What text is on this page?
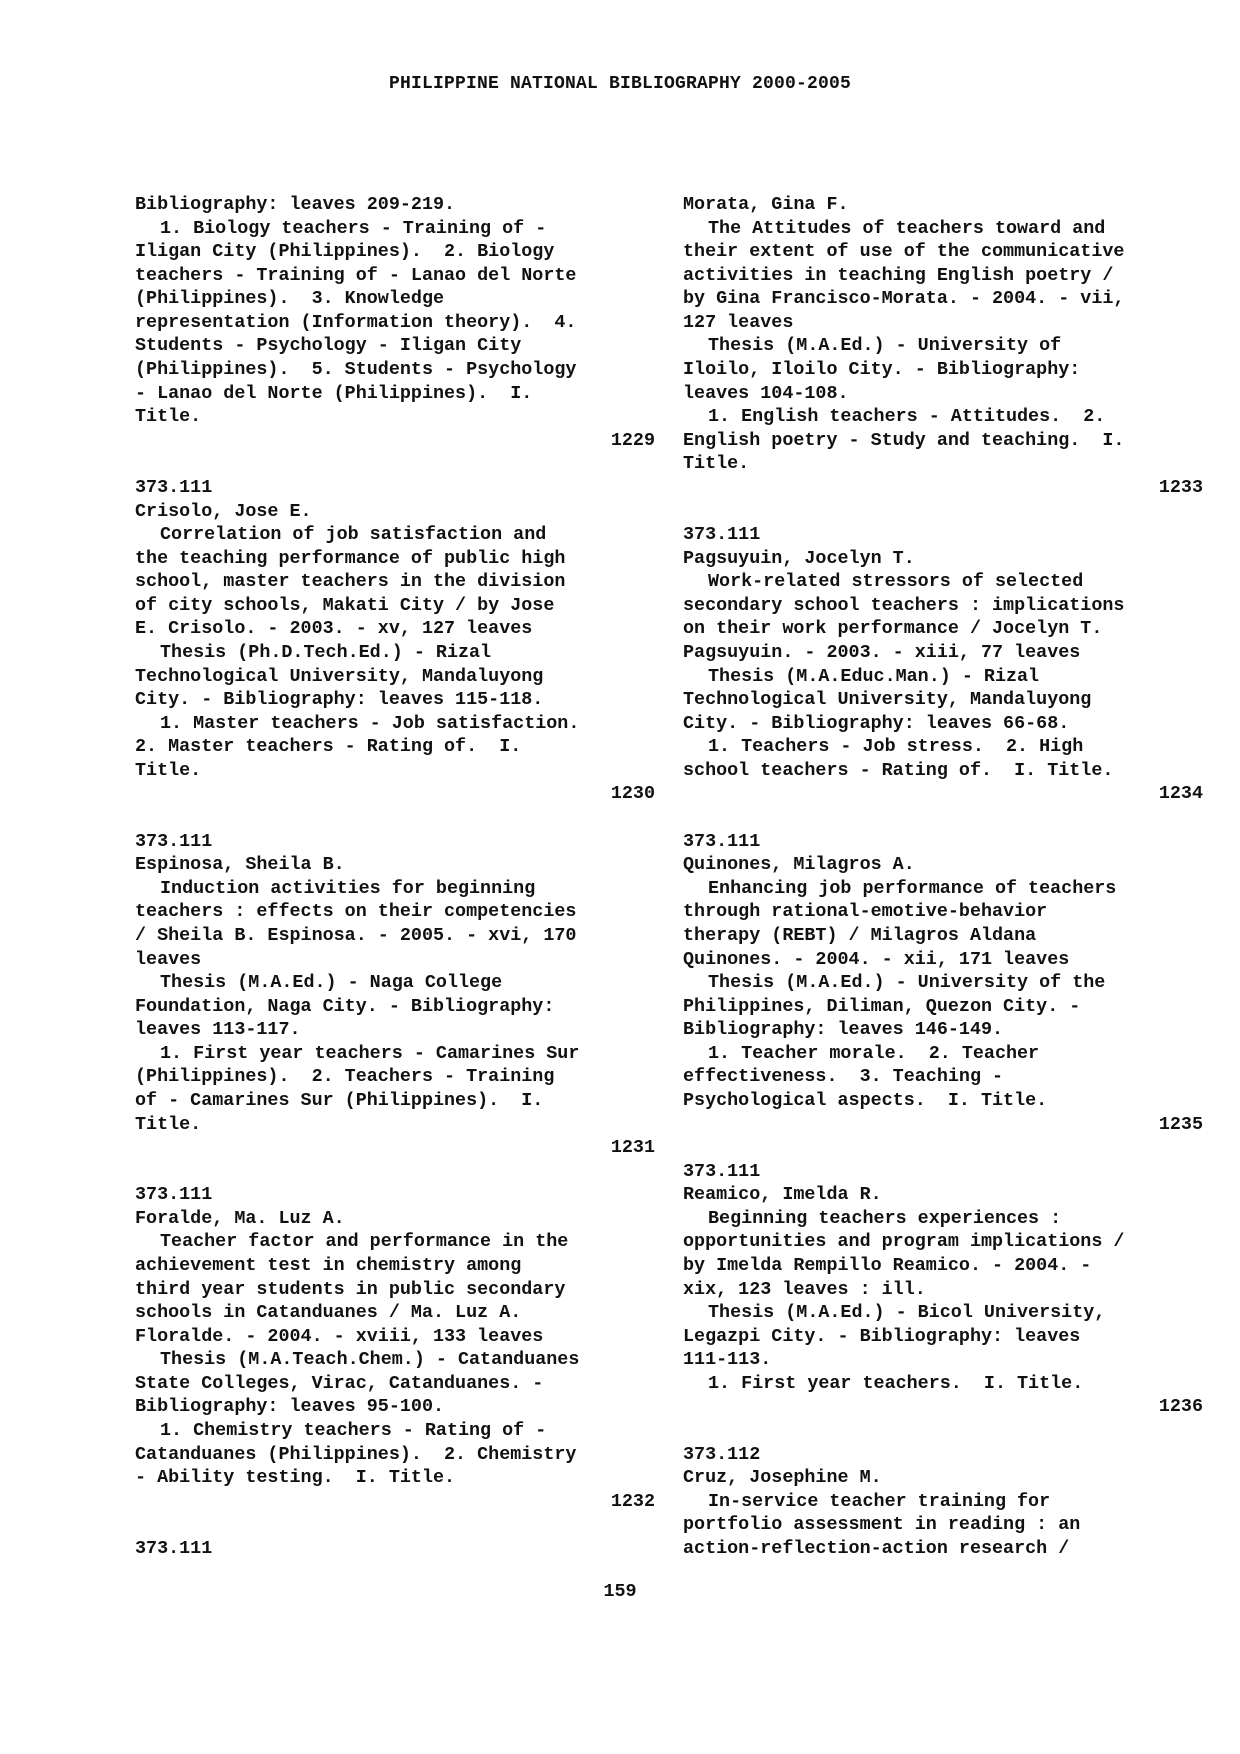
PHILIPPINE NATIONAL BIBLIOGRAPHY 2000-2005
Bibliography: leaves 209-219.
1. Biology teachers - Training of -
Iligan City (Philippines).  2. Biology
teachers - Training of - Lanao del Norte
(Philippines).  3. Knowledge
representation (Information theory).  4.
Students - Psychology - Iligan City
(Philippines).  5. Students - Psychology
- Lanao del Norte (Philippines).  I.
Title.
1229
373.111
Crisolo, Jose E.
Correlation of job satisfaction and
the teaching performance of public high
school, master teachers in the division
of city schools, Makati City / by Jose
E. Crisolo. - 2003. - xv, 127 leaves
Thesis (Ph.D.Tech.Ed.) - Rizal
Technological University, Mandaluyong
City. - Bibliography: leaves 115-118.
1. Master teachers - Job satisfaction.
2. Master teachers - Rating of.  I.
Title.
1230
373.111
Espinosa, Sheila B.
Induction activities for beginning
teachers : effects on their competencies
/ Sheila B. Espinosa. - 2005. - xvi, 170
leaves
Thesis (M.A.Ed.) - Naga College
Foundation, Naga City. - Bibliography:
leaves 113-117.
1. First year teachers - Camarines Sur
(Philippines).  2. Teachers - Training
of - Camarines Sur (Philippines).  I.
Title.
1231
373.111
Foralde, Ma. Luz A.
Teacher factor and performance in the
achievement test in chemistry among
third year students in public secondary
schools in Catanduanes / Ma. Luz A.
Floralde. - 2004. - xviii, 133 leaves
Thesis (M.A.Teach.Chem.) - Catanduanes
State Colleges, Virac, Catanduanes. -
Bibliography: leaves 95-100.
1. Chemistry teachers - Rating of -
Catanduanes (Philippines).  2. Chemistry
- Ability testing.  I. Title.
1232
373.111
Morata, Gina F.
The Attitudes of teachers toward and
their extent of use of the communicative
activities in teaching English poetry /
by Gina Francisco-Morata. - 2004. - vii,
127 leaves
Thesis (M.A.Ed.) - University of
Iloilo, Iloilo City. - Bibliography:
leaves 104-108.
1. English teachers - Attitudes.  2.
English poetry - Study and teaching.  I.
Title.
1233
373.111
Pagsuyuin, Jocelyn T.
Work-related stressors of selected
secondary school teachers : implications
on their work performance / Jocelyn T.
Pagsuyuin. - 2003. - xiii, 77 leaves
Thesis (M.A.Educ.Man.) - Rizal
Technological University, Mandaluyong
City. - Bibliography: leaves 66-68.
1. Teachers - Job stress.  2. High
school teachers - Rating of.  I. Title.
1234
373.111
Quinones, Milagros A.
Enhancing job performance of teachers
through rational-emotive-behavior
therapy (REBT) / Milagros Aldana
Quinones. - 2004. - xii, 171 leaves
Thesis (M.A.Ed.) - University of the
Philippines, Diliman, Quezon City. -
Bibliography: leaves 146-149.
1. Teacher morale.  2. Teacher
effectiveness.  3. Teaching -
Psychological aspects.  I. Title.
1235
373.111
Reamico, Imelda R.
Beginning teachers experiences :
opportunities and program implications /
by Imelda Rempillo Reamico. - 2004. -
xix, 123 leaves : ill.
Thesis (M.A.Ed.) - Bicol University,
Legazpi City. - Bibliography: leaves
111-113.
1. First year teachers.  I. Title.
1236
373.112
Cruz, Josephine M.
In-service teacher training for
portfolio assessment in reading : an
action-reflection-action research /
159
